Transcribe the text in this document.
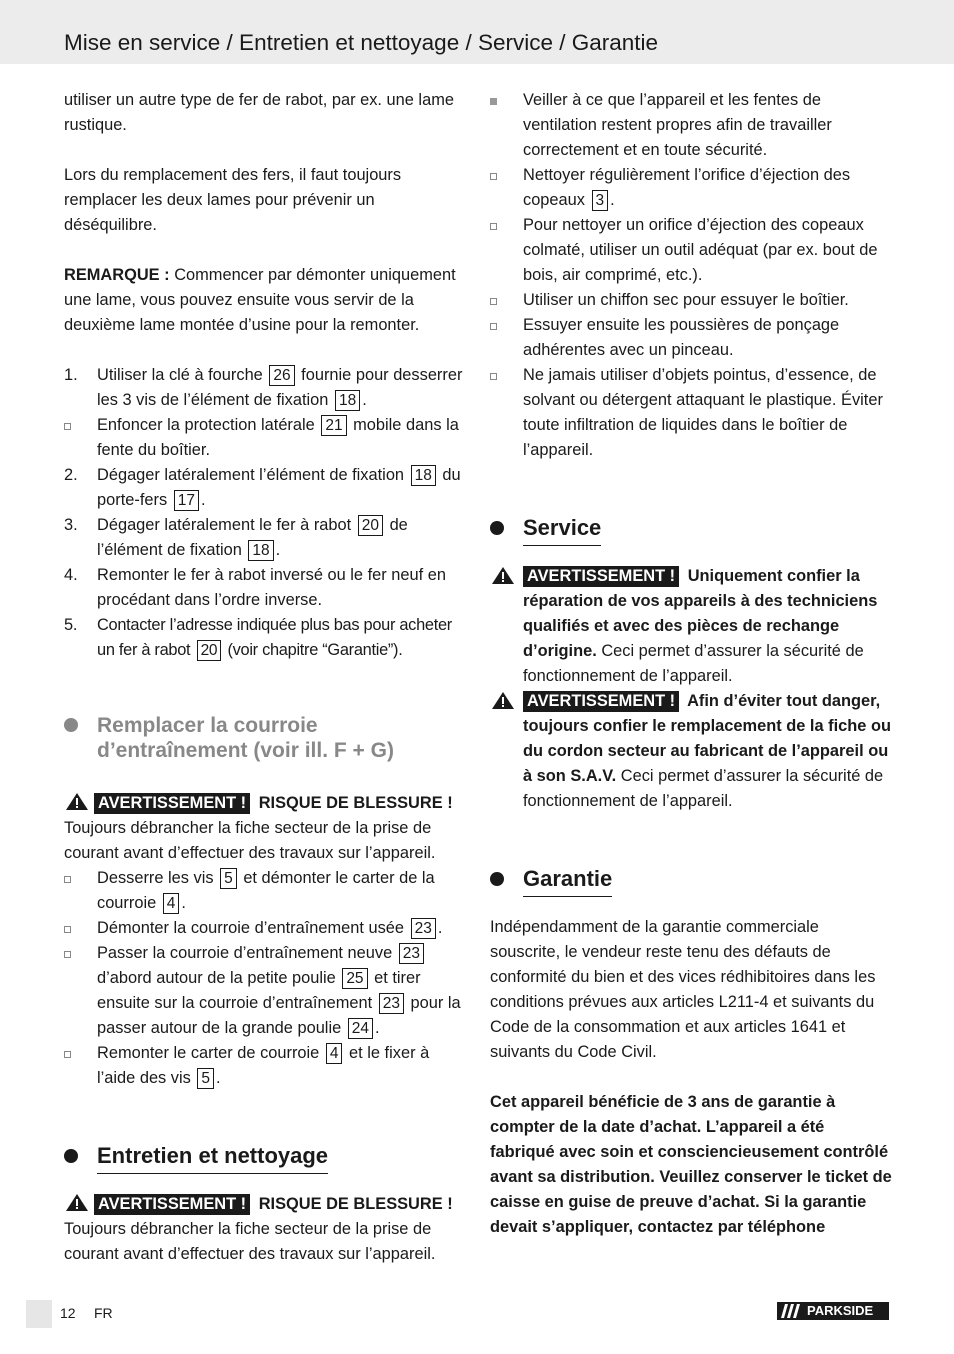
Mise en service / Entretien et nettoyage / Service / Garantie

utiliser un autre type de fer de rabot, par ex. une lame rustique.

Lors du remplacement des fers, il faut toujours remplacer les deux lames pour prévenir un déséquilibre.

REMARQUE : Commencer par démonter uniquement une lame, vous pouvez ensuite vous servir de la deuxième lame montée d’usine pour la remonter.

1.	Utiliser la clé à fourche 26 fournie pour desserrer les 3 vis de l’élément de fixation 18 .
Enfoncer la protection latérale 21 mobile dans la fente du boîtier.
2.	Dégager latéralement l’élément de fixation 18 du porte-fers 17 .
3.	Dégager latéralement le fer à rabot 20 de l’élément de fixation 18 .
4.	Remonter le fer à rabot inversé ou le fer neuf en procédant dans l’ordre inverse.
5.	Contacter l’adresse indiquée plus bas pour acheter un fer à rabot 20 (voir chapitre “Garantie”).
Remplacer la courroie d’entraînement (voir ill. F + G)

AVERTISSEMENT ! RISQUE DE BLESSURE ! Toujours débrancher la fiche secteur de la prise de courant avant d’effectuer des travaux sur l’appareil.

Desserre les vis 5 et démonter le carter de la courroie 4 .
Démonter la courroie d’entraînement usée 23 .
Passer la courroie d’entraînement neuve 23 d’abord autour de la petite poulie 25 et tirer ensuite sur la courroie d’entraînement 23 pour la passer autour de la grande poulie 24 .
Remonter le carter de courroie 4 et le fixer à l’aide des vis 5 .
Entretien et nettoyage

AVERTISSEMENT ! RISQUE DE BLESSURE ! Toujours débrancher la fiche secteur de la prise de courant avant d’effectuer des travaux sur l’appareil.

Veiller à ce que l’appareil et les fentes de ventilation restent propres afin de travailler correctement et en toute sécurité.
Nettoyer régulièrement l’orifice d’éjection des copeaux 3 .
Pour nettoyer un orifice d’éjection des copeaux colmaté, utiliser un outil adéquat (par ex. bout de bois, air comprimé, etc.).
Utiliser un chiffon sec pour essuyer le boîtier.
Essuyer ensuite les poussières de ponçage adhérentes avec un pinceau.
Ne jamais utiliser d’objets pointus, d’essence, de solvant ou détergent attaquant le plastique. Éviter toute infiltration de liquides dans le boîtier de l’appareil.
Service
AVERTISSEMENT ! Uniquement confier la réparation de vos appareils à des techniciens qualifiés et avec des pièces de rechange d’origine. Ceci permet d’assurer la sécurité de fonctionnement de l’appareil.
AVERTISSEMENT ! Afin d’éviter tout danger, toujours confier le remplacement de la fiche ou du cordon secteur au fabricant de l’appareil ou à son S.A.V. Ceci permet d’assurer la sécurité de fonctionnement de l’appareil.
Garantie

Indépendamment de la garantie commerciale souscrite, le vendeur reste tenu des défauts de conformité du bien et des vices rédhibitoires dans les conditions prévues aux articles L211-4 et suivants du Code de la consommation et aux articles 1641 et suivants du Code Civil.

Cet appareil bénéficie de 3 ans de garantie à compter de la date d’achat. L’appareil a été fabriqué avec soin et consciencieusement contrôlé avant sa distribution. Veuillez conserver le ticket de caisse en guise de preuve d’achat. Si la garantie devait s’appliquer, contactez par téléphone

12 FR	PARKSIDE
